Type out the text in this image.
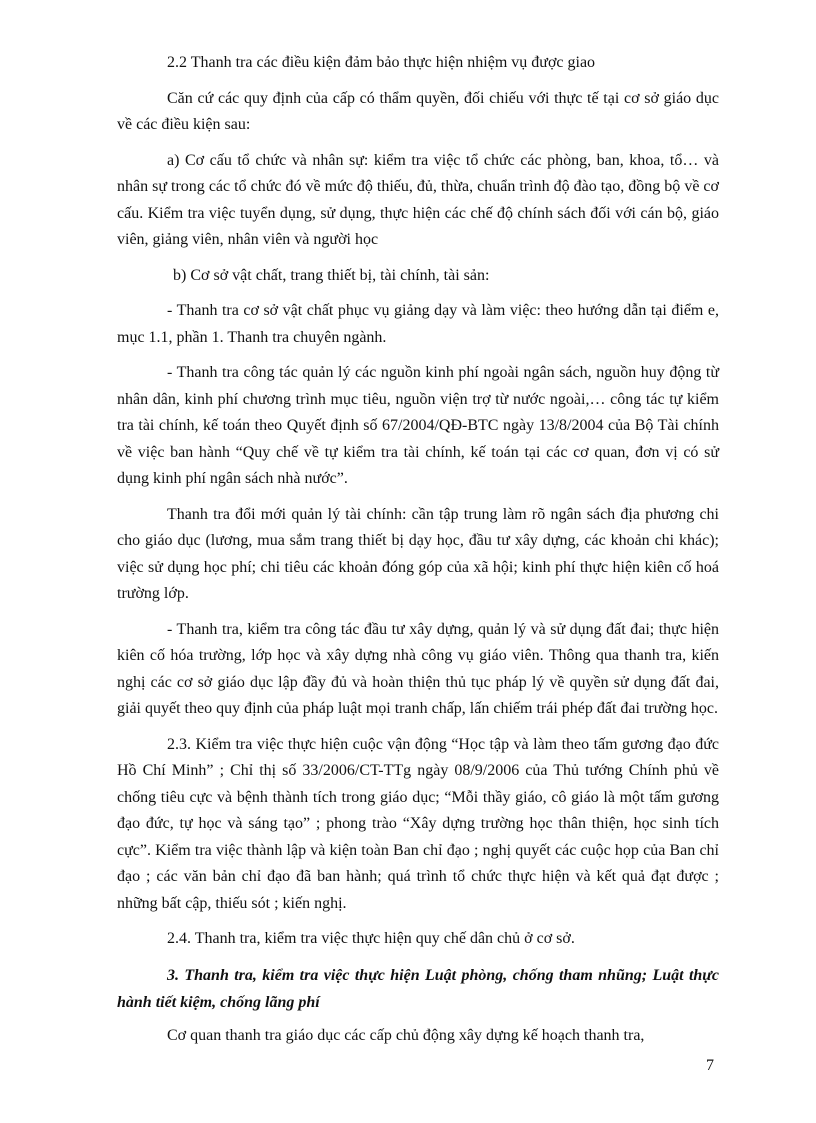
2.2 Thanh tra các điều kiện đảm bảo thực hiện nhiệm vụ được giao

Căn cứ các quy định của cấp có thẩm quyền, đối chiếu với thực tế tại cơ sở giáo dục về các điều kiện sau:

a) Cơ cấu tổ chức và nhân sự: kiểm tra việc tổ chức các phòng, ban, khoa, tổ… và nhân sự trong các tổ chức đó về mức độ thiếu, đủ, thừa, chuẩn trình độ đào tạo, đồng bộ về cơ cấu. Kiểm tra việc tuyển dụng, sử dụng, thực hiện các chế độ chính sách đối với cán bộ, giáo viên, giảng viên, nhân viên và người học

b) Cơ sở vật chất, trang thiết bị, tài chính, tài sản:

- Thanh tra cơ sở vật chất phục vụ giảng dạy và làm việc: theo hướng dẫn tại điểm e, mục 1.1, phần 1. Thanh tra chuyên ngành.

- Thanh tra công tác quản lý các nguồn kinh phí ngoài ngân sách, nguồn huy động từ nhân dân, kinh phí chương trình mục tiêu, nguồn viện trợ từ nước ngoài,… công tác tự kiểm tra tài chính, kế toán theo Quyết định số 67/2004/QĐ-BTC ngày 13/8/2004 của Bộ Tài chính về việc ban hành “Quy chế về tự kiểm tra tài chính, kế toán tại các cơ quan, đơn vị có sử dụng kinh phí ngân sách nhà nước”.

Thanh tra đổi mới quản lý tài chính: cần tập trung làm rõ ngân sách địa phương chi cho giáo dục (lương, mua sắm trang thiết bị dạy học, đầu tư xây dựng, các khoản chi khác); việc sử dụng học phí; chi tiêu các khoản đóng góp của xã hội; kinh phí thực hiện kiên cố hoá trường lớp.

- Thanh tra, kiểm tra công tác đầu tư xây dựng, quản lý và sử dụng đất đai; thực hiện kiên cố hóa trường, lớp học và xây dựng nhà công vụ giáo viên. Thông qua thanh tra, kiến nghị các cơ sở giáo dục lập đầy đủ và hoàn thiện thủ tục pháp lý về quyền sử dụng đất đai, giải quyết theo quy định của pháp luật mọi tranh chấp, lấn chiếm trái phép đất đai trường học.

2.3. Kiểm tra việc thực hiện cuộc vận động “Học tập và làm theo tấm gương đạo đức Hồ Chí Minh” ; Chỉ thị số 33/2006/CT-TTg ngày 08/9/2006 của Thủ tướng Chính phủ về chống tiêu cực và bệnh thành tích trong giáo dục; “Mỗi thầy giáo, cô giáo là một tấm gương đạo đức, tự học và sáng tạo” ; phong trào “Xây dựng trường học thân thiện, học sinh tích cực”. Kiểm tra việc thành lập và kiện toàn Ban chỉ đạo ; nghị quyết các cuộc họp của Ban chỉ đạo ; các văn bản chỉ đạo đã ban hành; quá trình tổ chức thực hiện và kết quả đạt được ; những bất cập, thiếu sót ; kiến nghị.

2.4. Thanh tra, kiểm tra việc thực hiện quy chế dân chủ ở cơ sở.

3. Thanh tra, kiểm tra việc thực hiện Luật phòng, chống tham nhũng; Luật thực hành tiết kiệm, chống lãng phí

Cơ quan thanh tra giáo dục các cấp chủ động xây dựng kế hoạch thanh tra,

7
